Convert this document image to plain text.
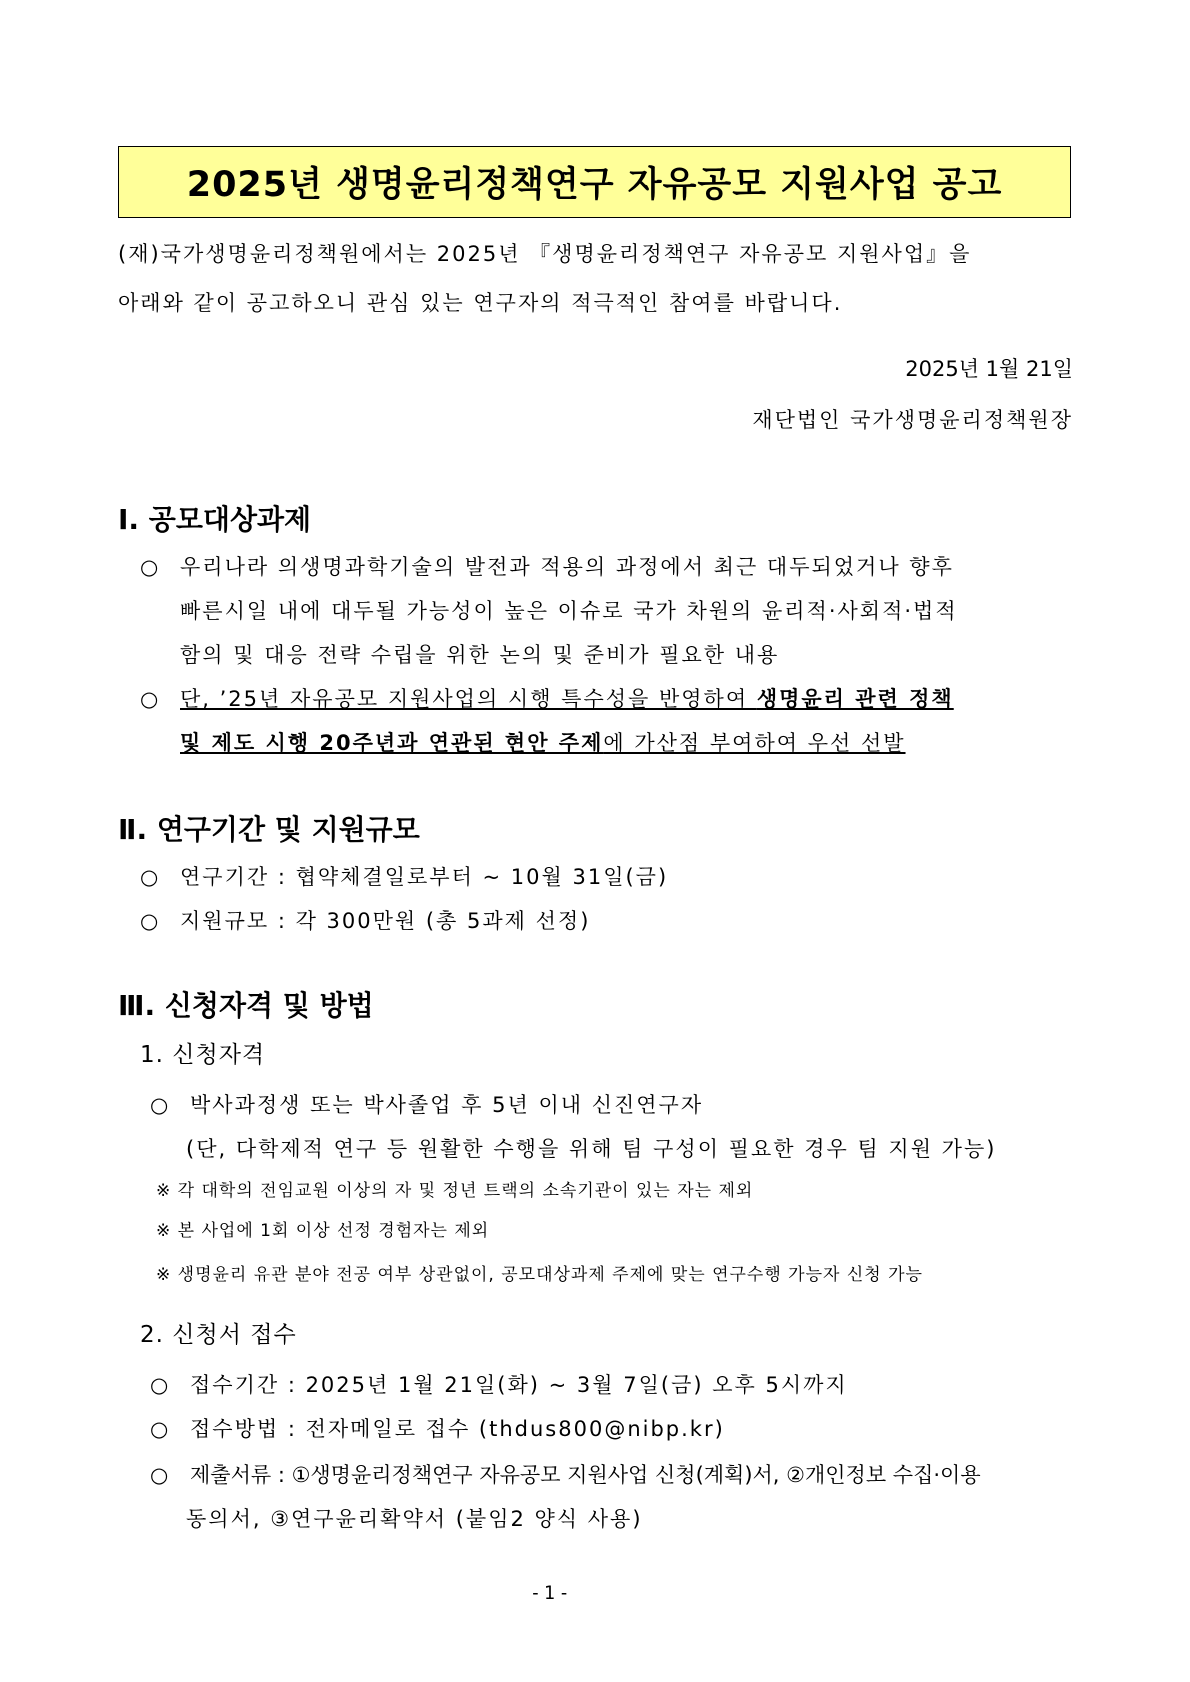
2025년 생명윤리정책연구 자유공모 지원사업 공고
(재)국가생명윤리정책원에서는 2025년 『생명윤리정책연구 자유공모 지원사업』을
아래와 같이 공고하오니 관심 있는 연구자의 적극적인 참여를 바랍니다.
2025년 1월 21일
재단법인 국가생명윤리정책원장
Ⅰ. 공모대상과제
○ 우리나라 의생명과학기술의 발전과 적용의 과정에서 최근 대두되었거나 향후
빠른시일 내에 대두될 가능성이 높은 이슈로 국가 차원의 윤리적·사회적·법적
함의 및 대응 전략 수립을 위한 논의 및 준비가 필요한 내용
○ 단, ’25년 자유공모 지원사업의 시행 특수성을 반영하여 생명윤리 관련 정책
및 제도 시행 20주년과 연관된 현안 주제에 가산점 부여하여 우선 선발
Ⅱ. 연구기간 및 지원규모
○ 연구기간 : 협약체결일로부터 ~ 10월 31일(금)
○ 지원규모 : 각 300만원 (총 5과제 선정)
Ⅲ. 신청자격 및 방법
1. 신청자격
○ 박사과정생 또는 박사졸업 후 5년 이내 신진연구자
(단, 다학제적 연구 등 원활한 수행을 위해 팀 구성이 필요한 경우 팀 지원 가능)
※ 각 대학의 전임교원 이상의 자 및 정년 트랙의 소속기관이 있는 자는 제외
※ 본 사업에 1회 이상 선정 경험자는 제외
※ 생명윤리 유관 분야 전공 여부 상관없이, 공모대상과제 주제에 맞는 연구수행 가능자 신청 가능
2. 신청서 접수
○ 접수기간 : 2025년 1월 21일(화) ~ 3월 7일(금) 오후 5시까지
○ 접수방법 : 전자메일로 접수 (thdus800@nibp.kr)
○ 제출서류 : ①생명윤리정책연구 자유공모 지원사업 신청(계획)서, ②개인정보 수집·이용
동의서, ③연구윤리확약서 (붙임2 양식 사용)
- 1 -
